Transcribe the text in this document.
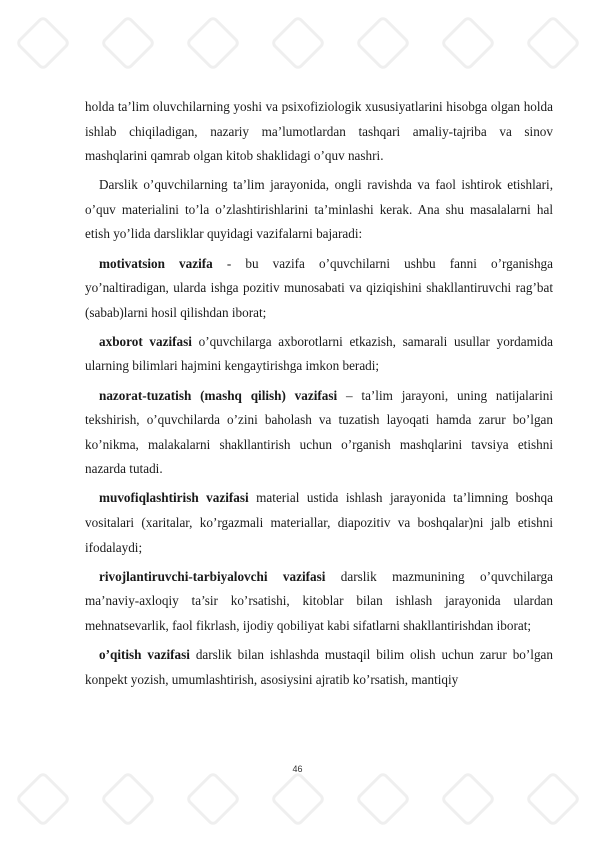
holda ta’lim oluvchilarning yoshi va psixofiziologik xususiyatlarini hisobga olgan holda ishlab chiqiladigan, nazariy ma’lumotlardan tashqari amaliy-tajriba va sinov mashqlarini qamrab olgan kitob shaklidagi o’quv nashri.

Darslik o’quvchilarning ta’lim jarayonida, ongli ravishda va faol ishtirok etishlari, o’quv materialini to’la o’zlashtirishlarini ta’minlashi kerak. Ana shu masalalarni hal etish yo’lida darsliklar quyidagi vazifalarni bajaradi:

motivatsion vazifa - bu vazifa o’quvchilarni ushbu fanni o’rganishga yo’naltiradigan, ularda ishga pozitiv munosabati va qiziqishini shakllantiruvchi rag’bat (sabab)larni hosil qilishdan iborat;

axborot vazifasi o’quvchilarga axborotlarni etkazish, samarali usullar yordamida ularning bilimlari hajmini kengaytirishga imkon beradi;

nazorat-tuzatish (mashq qilish) vazifasi – ta’lim jarayoni, uning natijalarini tekshirish, o’quvchilarda o’zini baholash va tuzatish layoqati hamda zarur bo’lgan ko’nikma, malakalarni shakllantirish uchun o’rganish mashqlarini tavsiya etishni nazarda tutadi.

muvofiqlashtirish vazifasi material ustida ishlash jarayonida ta’limning boshqa vositalari (xaritalar, ko’rgazmali materiallar, diapozitiv va boshqalar)ni jalb etishni ifodalaydi;

rivojlantiruvchi-tarbiyalovchi vazifasi darslik mazmunining o’quvchilarga ma’naviy-axloqiy ta’sir ko’rsatishi, kitoblar bilan ishlash jarayonida ulardan mehnatsevarlik, faol fikrlash, ijodiy qobiliyat kabi sifatlarni shakllantirishdan iborat;

o’qitish vazifasi darslik bilan ishlashda mustaqil bilim olish uchun zarur bo’lgan konpekt yozish, umumlashtirish, asosiysini ajratib ko’rsatish, mantiqiy

46
